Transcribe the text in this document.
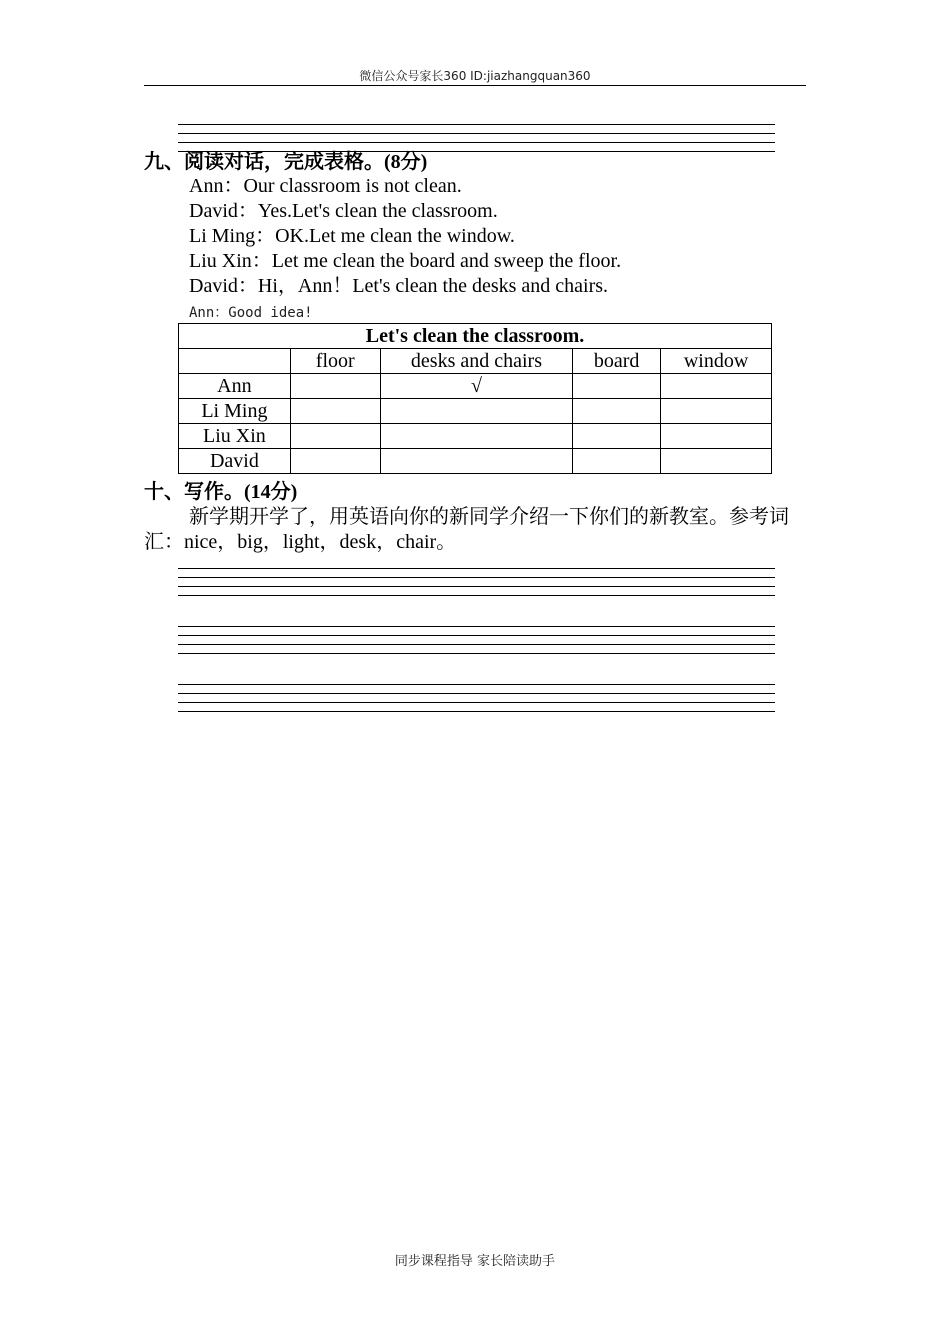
微信公众号家长360 ID:jiazhangquan360
九、阅读对话，完成表格。(8分)
Ann：Our classroom is not clean.
David：Yes.Let's clean the classroom.
Li Ming：OK.Let me clean the window.
Liu Xin：Let me clean the board and sweep the floor.
David：Hi，Ann！Let's clean the desks and chairs.
Ann：Good idea!
Let's clean the classroom.				
	floor	desks and chairs	board	window
Ann		√		
Li Ming				
Liu Xin				
David				
十、写作。(14分)
新学期开学了，用英语向你的新同学介绍一下你们的新教室。参考词汇：nice，big，light，desk，chair。
同步课程指导 家长陪读助手
